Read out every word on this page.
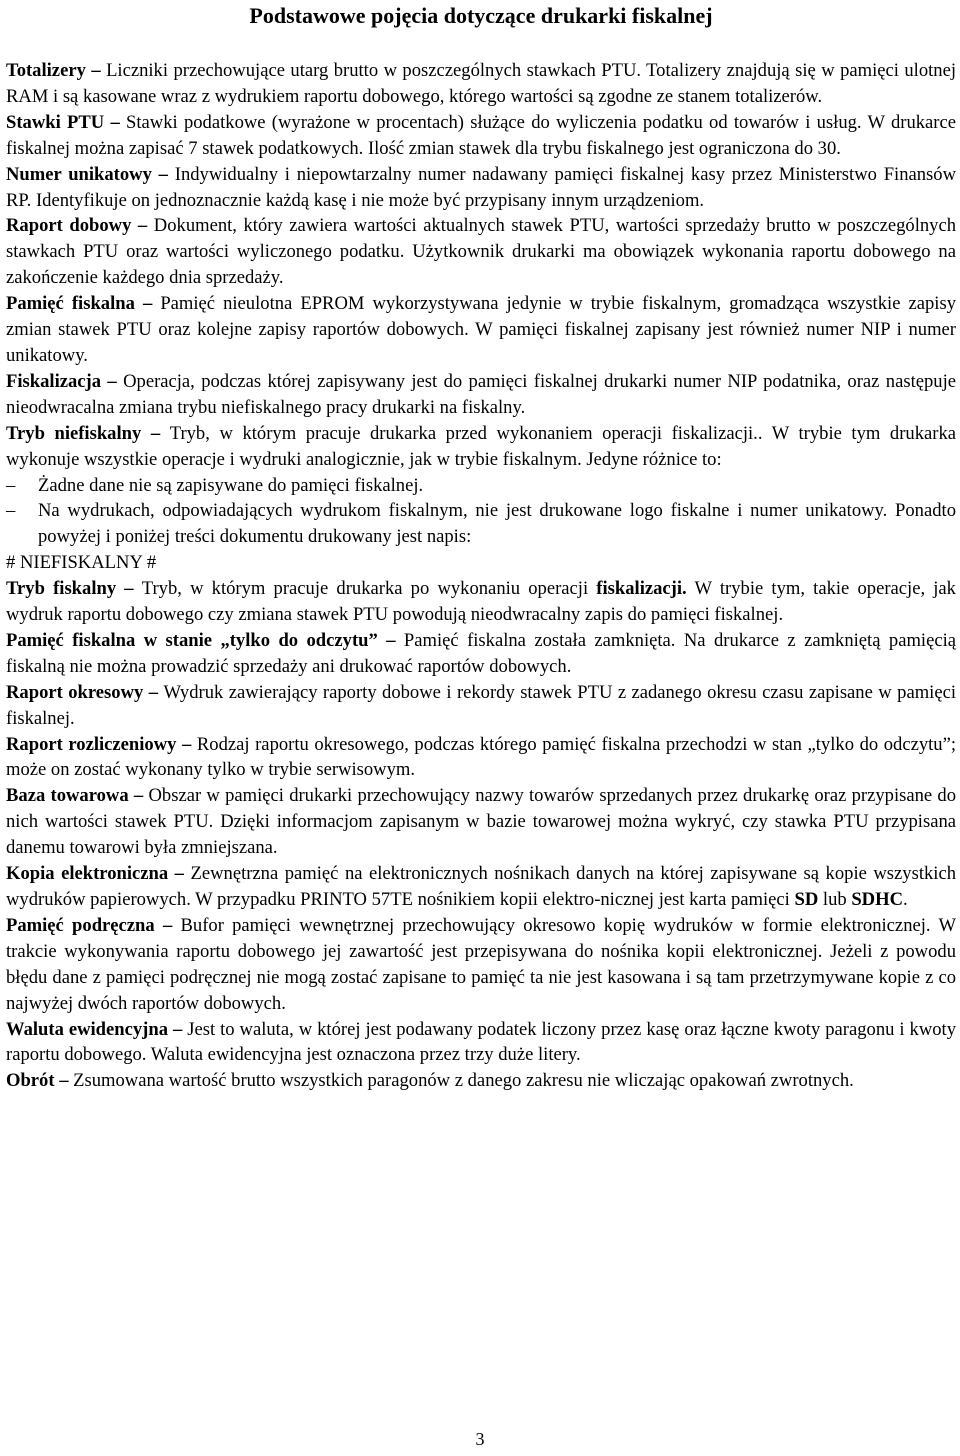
Podstawowe pojęcia dotyczące drukarki fiskalnej

Totalizery – Liczniki przechowujące utarg brutto w poszczególnych stawkach PTU. Totalizery znajdują się w pamięci ulotnej RAM i są kasowane wraz z wydrukiem raportu dobowego, którego wartości są zgodne ze stanem totalizerów.

Stawki PTU – Stawki podatkowe (wyrażone w procentach) służące do wyliczenia podatku od towarów i usług. W drukarce fiskalnej można zapisać 7 stawek podatkowych. Ilość zmian stawek dla trybu fiskalnego jest ograniczona do 30.

Numer unikatowy – Indywidualny i niepowtarzalny numer nadawany pamięci fiskalnej kasy przez Ministerstwo Finansów RP. Identyfikuje on jednoznacznie każdą kasę i nie może być przypisany innym urządzeniom.

Raport dobowy – Dokument, który zawiera wartości aktualnych stawek PTU, wartości sprzedaży brutto w poszczególnych stawkach PTU oraz wartości wyliczonego podatku. Użytkownik drukarki ma obowiązek wykonania raportu dobowego na zakończenie każdego dnia sprzedaży.

Pamięć fiskalna – Pamięć nieulotna EPROM wykorzystywana jedynie w trybie fiskalnym, gromadząca wszystkie zapisy zmian stawek PTU oraz kolejne zapisy raportów dobowych. W pamięci fiskalnej zapisany jest również numer NIP i numer unikatowy.

Fiskalizacja – Operacja, podczas której zapisywany jest do pamięci fiskalnej drukarki numer NIP podatnika, oraz następuje nieodwracalna zmiana trybu niefiskalnego pracy drukarki na fiskalny.

Tryb niefiskalny – Tryb, w którym pracuje drukarka przed wykonaniem operacji fiskalizacji.. W trybie tym drukarka wykonuje wszystkie operacje i wydruki analogicznie, jak w trybie fiskalnym. Jedyne różnice to:

– Żadne dane nie są zapisywane do pamięci fiskalnej.

– Na wydrukach, odpowiadających wydrukom fiskalnym, nie jest drukowane logo fiskalne i numer unikatowy. Ponadto powyżej i poniżej treści dokumentu drukowany jest napis:

# NIEFISKALNY #

Tryb fiskalny – Tryb, w którym pracuje drukarka po wykonaniu operacji fiskalizacji. W trybie tym, takie operacje, jak wydruk raportu dobowego czy zmiana stawek PTU powodują nieodwracalny zapis do pamięci fiskalnej.

Pamięć fiskalna w stanie „tylko do odczytu” – Pamięć fiskalna została zamknięta. Na drukarce z zamkniętą pamięcią fiskalną nie można prowadzić sprzedaży ani drukować raportów dobowych.

Raport okresowy – Wydruk zawierający raporty dobowe i rekordy stawek PTU z zadanego okresu czasu zapisane w pamięci fiskalnej.

Raport rozliczeniowy – Rodzaj raportu okresowego, podczas którego pamięć fiskalna przechodzi w stan „tylko do odczytu”; może on zostać wykonany tylko w trybie serwisowym.

Baza towarowa – Obszar w pamięci drukarki przechowujący nazwy towarów sprzedanych przez drukarkę oraz przypisane do nich wartości stawek PTU. Dzięki informacjom zapisanym w bazie towarowej można wykryć, czy stawka PTU przypisana danemu towarowi była zmniejszana.

Kopia elektroniczna – Zewnętrzna pamięć na elektronicznych nośnikach danych na której zapisywane są kopie wszystkich wydruków papierowych. W przypadku PRINTO 57TE nośnikiem kopii elektro-nicznej jest karta pamięci SD lub SDHC.

Pamięć podręczna – Bufor pamięci wewnętrznej przechowujący okresowo kopię wydruków w formie elektronicznej. W trakcie wykonywania raportu dobowego jej zawartość jest przepisywana do nośnika kopii elektronicznej. Jeżeli z powodu błędu dane z pamięci podręcznej nie mogą zostać zapisane to pamięć ta nie jest kasowana i są tam przetrzymywane kopie z co najwyżej dwóch raportów dobowych.

Waluta ewidencyjna – Jest to waluta, w której jest podawany podatek liczony przez kasę oraz łączne kwoty paragonu i kwoty raportu dobowego. Waluta ewidencyjna jest oznaczona przez trzy duże litery.

Obrót – Zsumowana wartość brutto wszystkich paragonów z danego zakresu nie wliczając opakowań zwrotnych.

3
